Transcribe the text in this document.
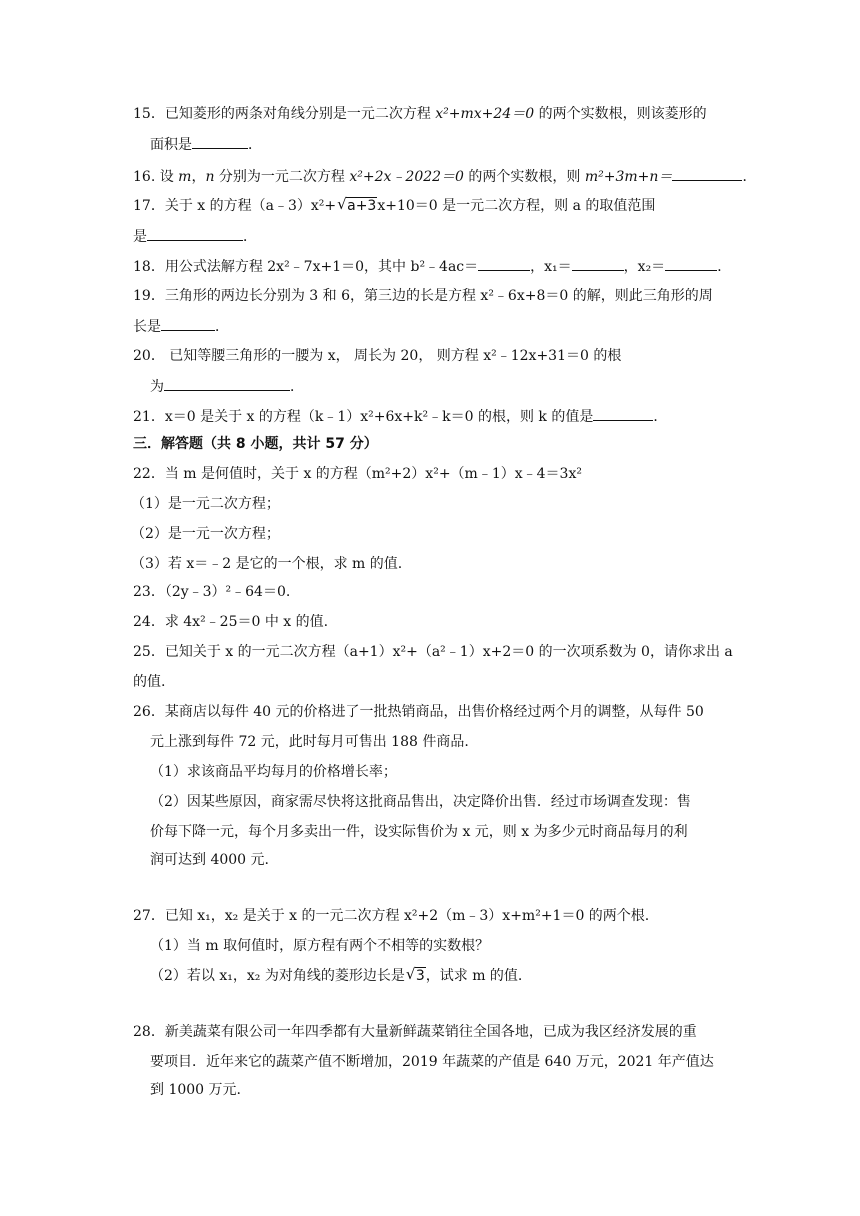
15．已知菱形的两条对角线分别是一元二次方程 x²+mx+24＝0 的两个实数根，则该菱形的
面积是	．
16. 设 m，n 分别为一元二次方程 x²+2x﹣2022＝0 的两个实数根，则 m²+3m+n＝	．
17．关于 x 的方程（a﹣3）x²+ √ a+3x+10＝0 是一元二次方程，则 a 的取值范围
是	．
18．用公式法解方程 2x²﹣7x+1＝0，其中 b²﹣4ac＝	，x₁＝	，x₂＝	．
19．三角形的两边长分别为 3 和 6，第三边的长是方程 x²﹣6x+8＝0 的解，则此三角形的周
长是	．
20． 已知等腰三角形的一腰为 x， 周长为 20， 则方程 x²﹣12x+31＝0 的根
为	．
21．x＝0 是关于 x 的方程（k﹣1）x²+6x+k²﹣k＝0 的根，则 k 的值是	．
三．解答题（共 8 小题，共计 57 分）
22．当 m 是何值时，关于 x 的方程（m²+2）x²+（m﹣1）x﹣4＝3x²
（1）是一元二次方程；
（2）是一元一次方程；
（3）若 x＝﹣2 是它的一个根，求 m 的值.
23．（2y﹣3）²﹣64＝0.
24．求 4x²﹣25＝0 中 x 的值.
25．已知关于 x 的一元二次方程（a+1）x²+（a²﹣1）x+2＝0 的一次项系数为 0，请你求出 a
的值.
26．某商店以每件 40 元的价格进了一批热销商品，出售价格经过两个月的调整，从每件 50
元上涨到每件 72 元，此时每月可售出 188 件商品.
（1）求该商品平均每月的价格增长率；
（2）因某些原因，商家需尽快将这批商品售出，决定降价出售．经过市场调查发现：售
价每下降一元，每个月多卖出一件，设实际售价为 x 元，则 x 为多少元时商品每月的利
润可达到 4000 元.
27．已知 x₁，x₂ 是关于 x 的一元二次方程 x²+2（m﹣3）x+m²+1＝0 的两个根.
（1）当 m 取何值时，原方程有两个不相等的实数根？
（2）若以 x₁，x₂ 为对角线的菱形边长是 √ 3，试求 m 的值.
28．新美蔬菜有限公司一年四季都有大量新鲜蔬菜销往全国各地，已成为我区经济发展的重
要项目．近年来它的蔬菜产值不断增加，2019 年蔬菜的产值是 640 万元，2021 年产值达
到 1000 万元.
